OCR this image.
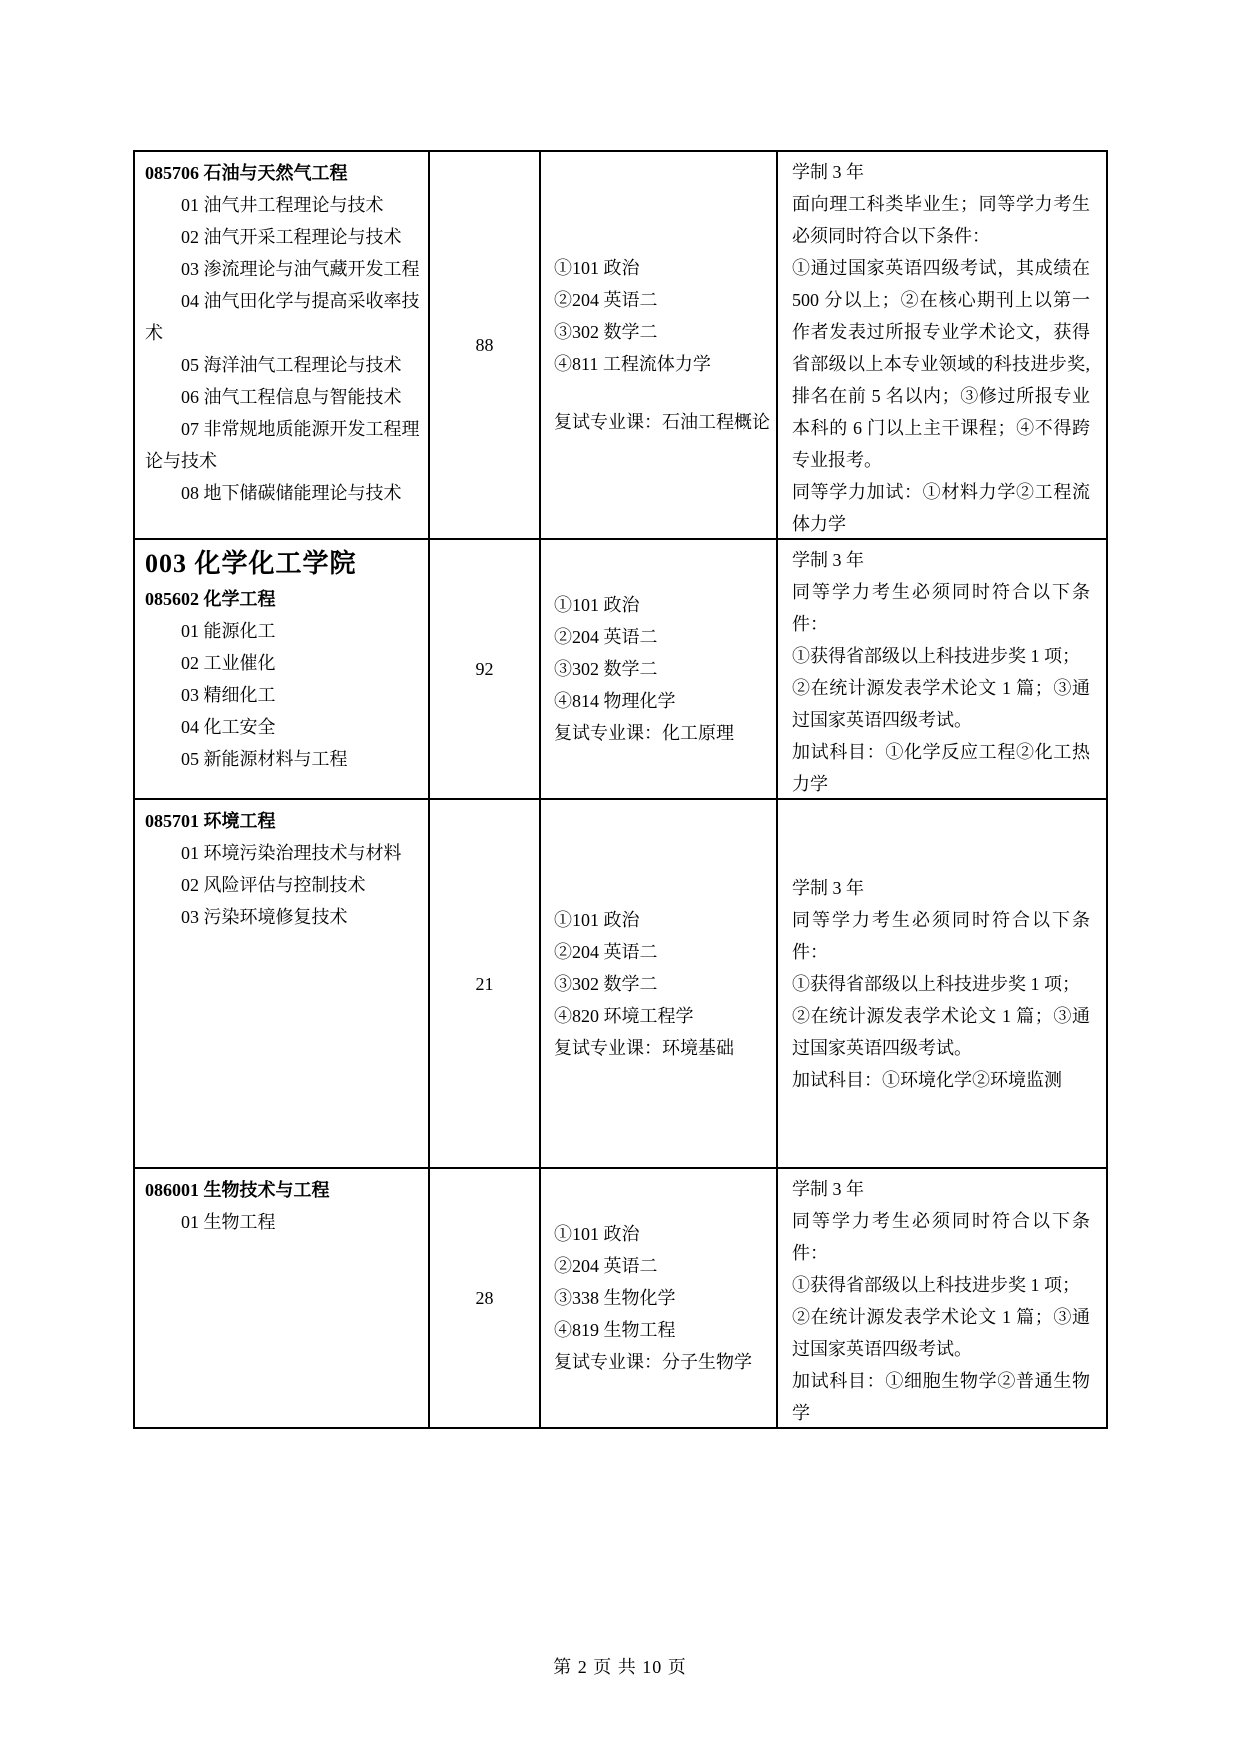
085706 石油与天然气工程
01 油气井工程理论与技术
02 油气开采工程理论与技术
03 渗流理论与油气藏开发工程
04 油气田化学与提高采收率技术
05 海洋油气工程理论与技术
06 油气工程信息与智能技术
07 非常规地质能源开发工程理论与技术
08 地下储碳储能理论与技术
88
①101 政治
②204 英语二
③302 数学二
④811 工程流体力学
复试专业课：石油工程概论

学制 3 年

面向理工科类毕业生；同等学力考生必须同时符合以下条件：

①通过国家英语四级考试，其成绩在 500 分以上；②在核心期刊上以第一作者发表过所报专业学术论文，获得省部级以上本专业领域的科技进步奖,排名在前 5 名以内；③修过所报专业本科的 6 门以上主干课程；④不得跨专业报考。

同等学力加试：①材料力学②工程流体力学

003 化学化工学院
085602 化学工程
01 能源化工
02 工业催化
03 精细化工
04 化工安全
05 新能源材料与工程
92
①101 政治
②204 英语二
③302 数学二
④814 物理化学
复试专业课：化工原理

学制 3 年

同等学力考生必须同时符合以下条件：

①获得省部级以上科技进步奖 1 项；

②在统计源发表学术论文 1 篇；③通过国家英语四级考试。

加试科目：①化学反应工程②化工热力学

085701 环境工程
01 环境污染治理技术与材料
02 风险评估与控制技术
03 污染环境修复技术
21
①101 政治
②204 英语二
③302 数学二
④820 环境工程学
复试专业课：环境基础

学制 3 年

同等学力考生必须同时符合以下条件：

①获得省部级以上科技进步奖 1 项；

②在统计源发表学术论文 1 篇；③通过国家英语四级考试。

加试科目：①环境化学②环境监测

086001 生物技术与工程
01 生物工程
28
①101 政治
②204 英语二
③338 生物化学
④819 生物工程
复试专业课：分子生物学

学制 3 年

同等学力考生必须同时符合以下条件：

①获得省部级以上科技进步奖 1 项；

②在统计源发表学术论文 1 篇；③通过国家英语四级考试。

加试科目：①细胞生物学②普通生物学

第 2 页 共 10 页
